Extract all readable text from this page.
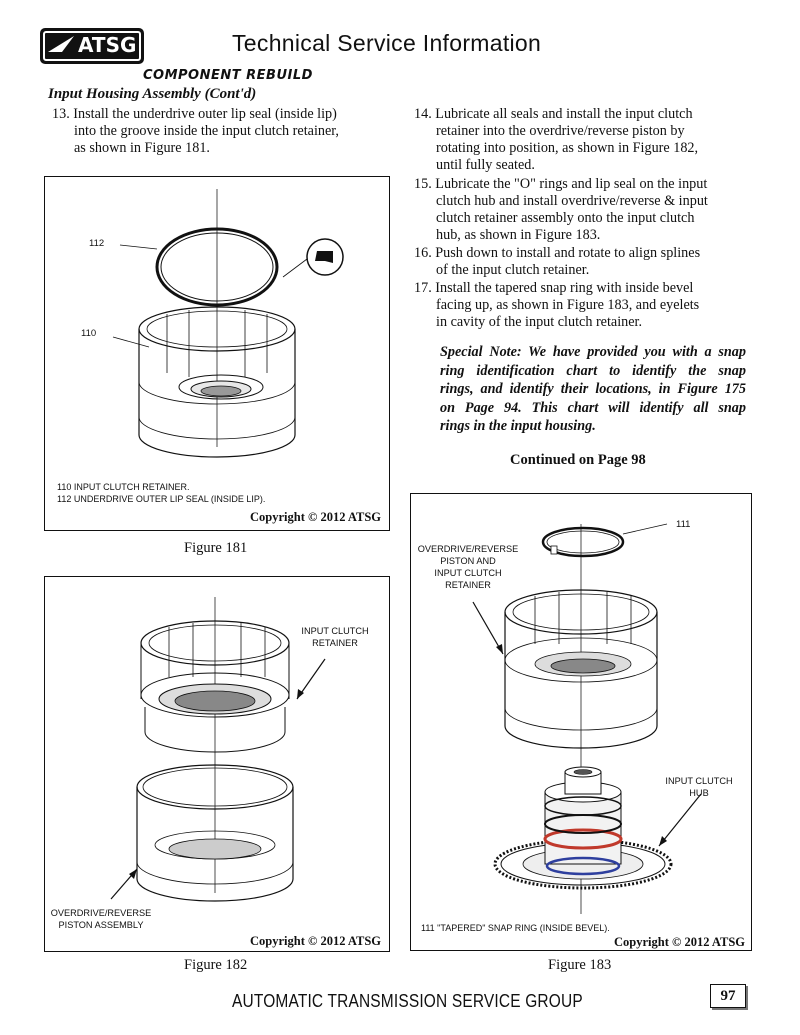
ATSG	Technical Service Information
COMPONENT REBUILD
Input Housing Assembly (Cont'd)
13. Install the underdrive outer lip seal (inside lip)
into the groove inside the input clutch retainer,
as shown in Figure 181.
14. Lubricate all seals and install the input clutch
retainer into the overdrive/reverse piston by
rotating into position, as shown in Figure 182,
until fully seated.
15. Lubricate the "O" rings and lip seal on the input
clutch hub and install overdrive/reverse & input
clutch retainer assembly onto the input clutch
hub, as shown in Figure 183.
16. Push down to install and rotate to align splines
of the input clutch retainer.
17. Install the tapered snap ring with inside bevel
facing up, as shown in Figure 183, and eyelets
in cavity of the input clutch retainer.
Special Note: We have provided you with a snap
ring identification chart to identify the snap
rings, and identify their locations, in Figure 175
on Page 94. This chart will identify all snap
rings in the input housing.
Continued on Page 98
112
110
110 INPUT CLUTCH RETAINER.
112 UNDERDRIVE OUTER LIP SEAL (INSIDE LIP).
Copyright © 2012 ATSG
Figure 181
INPUT CLUTCH
RETAINER
OVERDRIVE/REVERSE
PISTON ASSEMBLY
Copyright © 2012 ATSG
Figure 182
111
OVERDRIVE/REVERSE
PISTON AND
INPUT CLUTCH
RETAINER
INPUT CLUTCH
HUB
111 "TAPERED" SNAP RING (INSIDE BEVEL).
Copyright © 2012 ATSG
Figure 183
AUTOMATIC TRANSMISSION SERVICE GROUP	97
